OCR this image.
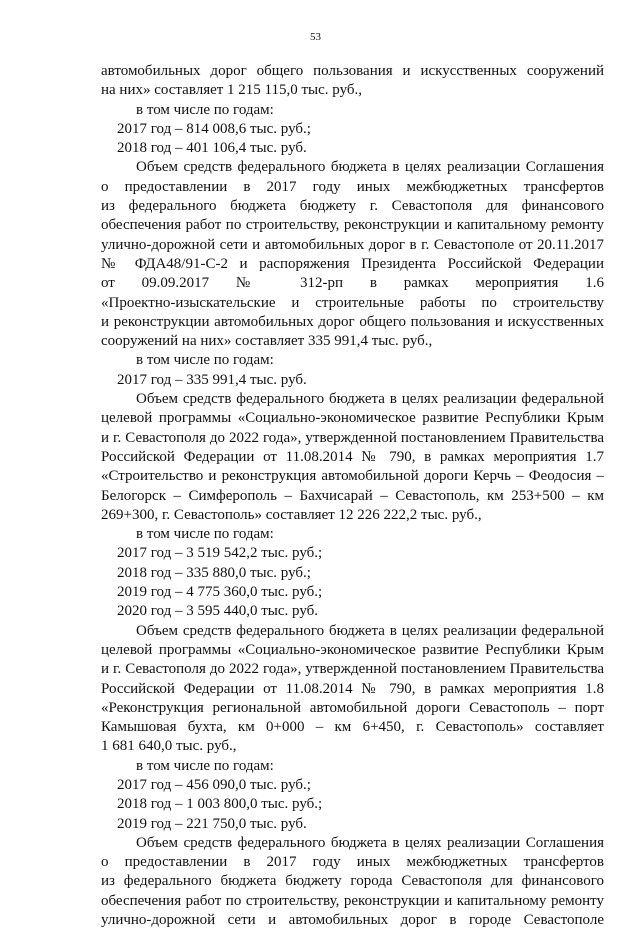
53
автомобильных дорог общего пользования и искусственных сооружений
на них» составляет 1 215 115,0 тыс. руб.,
в том числе по годам:
2017 год – 814 008,6 тыс. руб.;
2018 год – 401 106,4 тыс. руб.
Объем средств федерального бюджета в целях реализации Соглашения
о предоставлении в 2017 году иных межбюджетных трансфертов
из федерального бюджета бюджету г. Севастополя для финансового
обеспечения работ по строительству, реконструкции и капитальному ремонту
улично-дорожной сети и автомобильных дорог в г. Севастополе от 20.11.2017
№ ФДА48/91-С-2 и распоряжения Президента Российской Федерации
от 09.09.2017 № 312-рп в рамках мероприятия 1.6
«Проектно-изыскательские и строительные работы по строительству
и реконструкции автомобильных дорог общего пользования и искусственных
сооружений на них» составляет 335 991,4 тыс. руб.,
в том числе по годам:
2017 год – 335 991,4 тыс. руб.
Объем средств федерального бюджета в целях реализации федеральной
целевой программы «Социально-экономическое развитие Республики Крым
и г. Севастополя до 2022 года», утвержденной постановлением Правительства
Российской Федерации от 11.08.2014 № 790, в рамках мероприятия 1.7
«Строительство и реконструкция автомобильной дороги Керчь – Феодосия –
Белогорск – Симферополь – Бахчисарай – Севастополь, км 253+500 – км
269+300, г. Севастополь» составляет 12 226 222,2 тыс. руб.,
в том числе по годам:
2017 год – 3 519 542,2 тыс. руб.;
2018 год – 335 880,0 тыс. руб.;
2019 год – 4 775 360,0 тыс. руб.;
2020 год – 3 595 440,0 тыс. руб.
Объем средств федерального бюджета в целях реализации федеральной
целевой программы «Социально-экономическое развитие Республики Крым
и г. Севастополя до 2022 года», утвержденной постановлением Правительства
Российской Федерации от 11.08.2014 № 790, в рамках мероприятия 1.8
«Реконструкция региональной автомобильной дороги Севастополь – порт
Камышовая бухта, км 0+000 – км 6+450, г. Севастополь» составляет
1 681 640,0 тыс. руб.,
в том числе по годам:
2017 год – 456 090,0 тыс. руб.;
2018 год – 1 003 800,0 тыс. руб.;
2019 год – 221 750,0 тыс. руб.
Объем средств федерального бюджета в целях реализации Соглашения
о предоставлении в 2017 году иных межбюджетных трансфертов
из федерального бюджета бюджету города Севастополя для финансового
обеспечения работ по строительству, реконструкции и капитальному ремонту
улично-дорожной сети и автомобильных дорог в городе Севастополе
